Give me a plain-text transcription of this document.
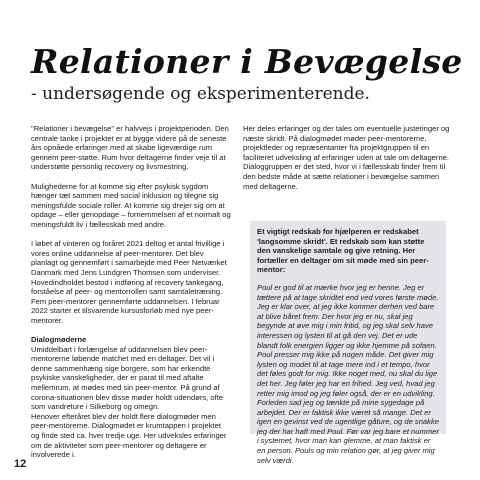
Relationer i Bevægelse

- undersøgende og eksperimenterende.

"Relationer i bevægelse" er halvvejs i projektperioden. Den centrale tanke i projektet er at bygge videre på de seneste års opnåede erfaringer med at skabe ligeværdige rum gennem peer-støtte. Rum hvor deltagerne finder veje til at understøtte personlig recovery og livsmestring.

Mulighederne for at komme sig efter psykisk sygdom hænger tæt sammen med social inklusion og tilegne sig meningsfulde sociale roller. At komme sig drejer sig om at opdage – eller genopdage – fornemmelsen af et normalt og meningsfuldt liv i fællesskab med andre.

I løbet af vinteren og foråret 2021 deltog et antal frivillige i vores online uddannelse af peer-mentorer. Det blev planlagt og gennemført i samarbejde med Peer Netværket Danmark med Jens Lundgren Thomsen som underviser. Hovedindholdet bestod i indføring af recovery tankegang, forståelse af peer- og mentorrollen samt samtaletræning. Fem peer-mentorer gennemførte uddannelsen. I februar 2022 starter et tilsvarende kursusforløb med nye peer-mentorer.

Dialogmøderne

Umiddelbart i forlængelse af uddannelsen blev peer-mentorerne løbende matchet med en deltager. Det vil i denne sammenhæng sige borgere, som har erkendte psykiske vanskeligheder, der er parat til med aftalte mellemrum, at mødes med sin peer-mentor. På grund af corona-situationen blev disse møder holdt udendørs, ofte som vandreture i Silkeborg og omegn.

Henover efteråret blev der holdt flere dialogmøder men peer-mentorerne. Dialogmødet er krumtappen i projektet og finde sted ca. hver tredje uge. Her udveksles erfaringer om de aktiviteter som peer-mentorer og deltagere er involverede i.

Her deles erfaringer og der tales om eventuelle justeringer og næste skridt. På dialogmødet møder peer-mentorerne, projektleder og repræsentanter fra projektgruppen til en faciliteret udveksling af erfaringer uden at tale om deltagerne. Dialoggruppen er det sted, hvor vi i fællesskab finder frem til den bedste måde at sætte relationer i bevægelse sammen med deltagerne.

Et vigtigt redskab for hjælperen er redskabet 'langsomme skridt'. Et redskab som kan støtte den vanskelige samtale og give retning. Her fortæller en deltager om sit møde med sin peer-mentor:

Poul er god til at mærke hvor jeg er henne. Jeg er tættere på at tage skridtet end ved vores første møde. Jeg er klar over, at jeg ikke kommer derhen ved bare at blive båret frem. Der hvor jeg er nu, skal jeg begynde at øve mig i min fritid, og jeg skal selv have interessen og lysten til at gå den vej. Det er ude blandt folk energien ligger og ikke hjemme på sofaen. Poul presser mig ikke på nogen måde. Det giver mig lysten og modet til at tage mere ind i et tempo, hvor det føles godt for mig. Ikke noget med, nu skal du lige det her. Jeg føler jeg har en frihed. Jeg ved, hvad jeg retter mig imod og jeg føler også, der er en udvikling. Forleden sad jeg og tænkte på mine sygedage på arbejdet. Der er faktisk ikke været så mange. Det er igen en gevinst ved de ugentlige gåture, og de snakke jeg der har haft med Poul. Før var jeg bare et nummer i systemet, hvor man kan glemme, at man faktisk er en person. Pouls og min relation gør, at jeg giver mig selv værdi.

12
